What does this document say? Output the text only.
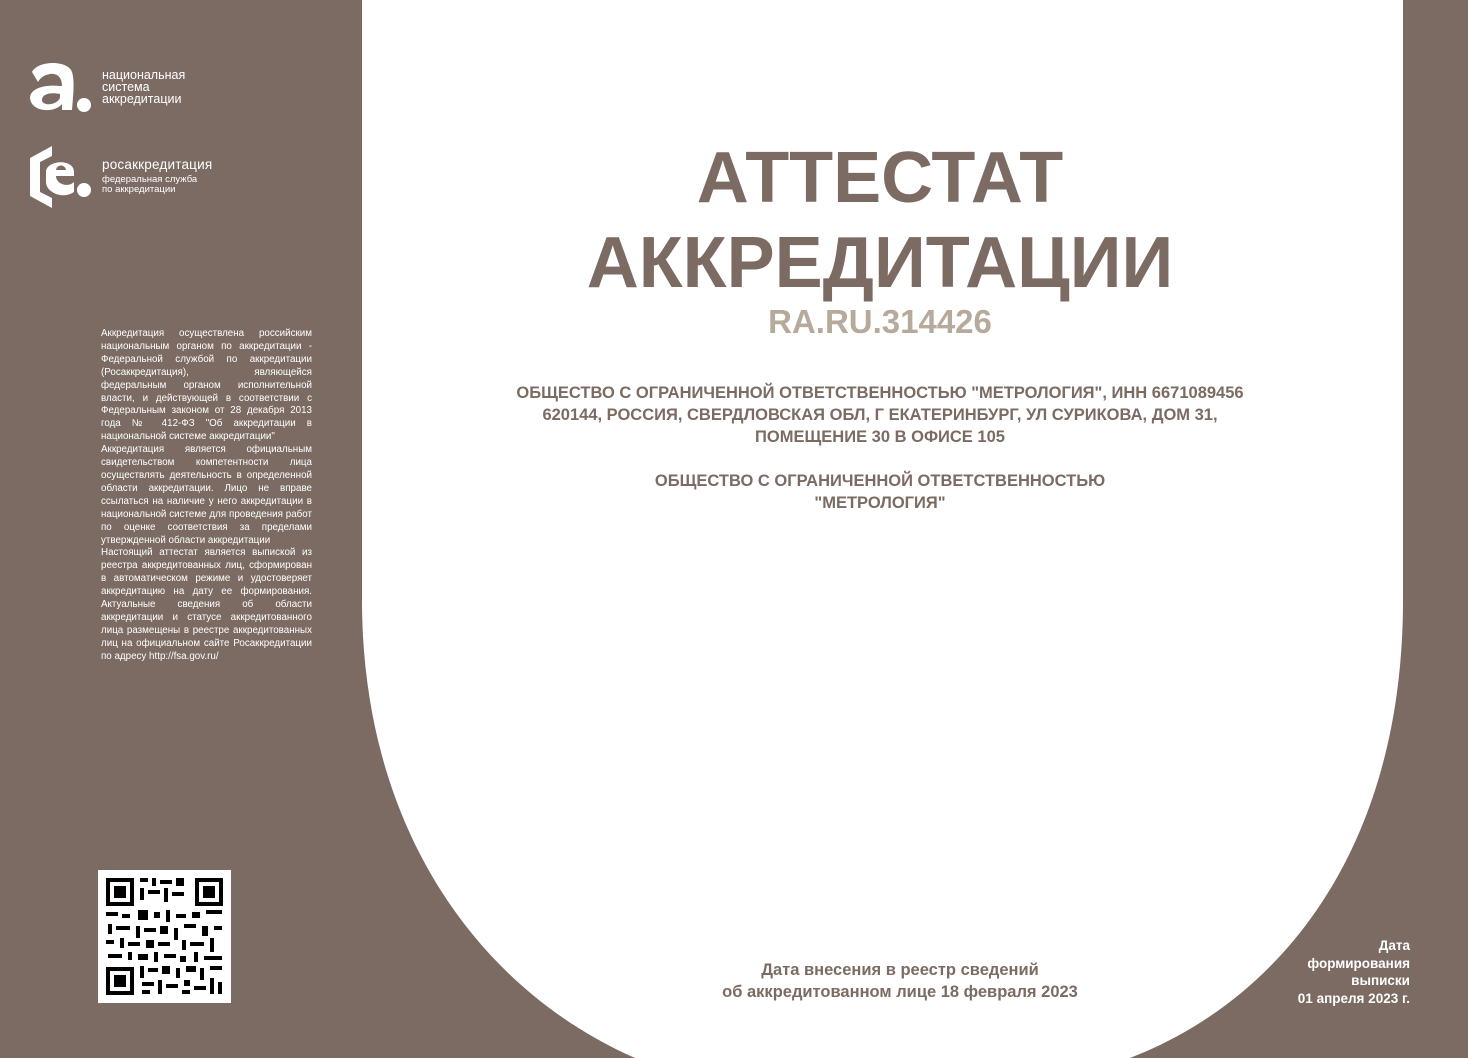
национальная
система
аккредитации
росаккредитация
федеральная служба
по аккредитации
Аккредитация осуществлена российским национальным органом по аккредитации - Федеральной службой по аккредитации (Росаккредитация), являющейся федеральным органом исполнительной власти, и действующей в соответствии с Федеральным законом от 28 декабря 2013 года № 412-ФЗ "Об аккредитации в национальной системе аккредитации"
Аккредитация является официальным свидетельством компетентности лица осуществлять деятельность в определенной области аккредитации. Лицо не вправе ссылаться на наличие у него аккредитации в национальной системе для проведения работ по оценке соответствия за пределами утвержденной области аккредитации
Настоящий аттестат является выпиской из реестра аккредитованных лиц, сформирован в автоматическом режиме и удостоверяет аккредитацию на дату ее формирования. Актуальные сведения об области аккредитации и статусе аккредитованного лица размещены в реестре аккредитованных лиц на официальном сайте Росаккредитации по адресу http://fsa.gov.ru/
АТТЕСТАТ
АККРЕДИТАЦИИ
RA.RU.314426
ОБЩЕСТВО С ОГРАНИЧЕННОЙ ОТВЕТСТВЕННОСТЬЮ "МЕТРОЛОГИЯ", ИНН 6671089456
620144, РОССИЯ, СВЕРДЛОВСКАЯ ОБЛ, Г ЕКАТЕРИНБУРГ, УЛ СУРИКОВА, ДОМ 31,
ПОМЕЩЕНИЕ 30 В ОФИСЕ 105
ОБЩЕСТВО С ОГРАНИЧЕННОЙ ОТВЕТСТВЕННОСТЬЮ
"МЕТРОЛОГИЯ"
Дата внесения в реестр сведений
об аккредитованном лице 18 февраля 2023
Дата
формирования
выписки
01 апреля 2023 г.
